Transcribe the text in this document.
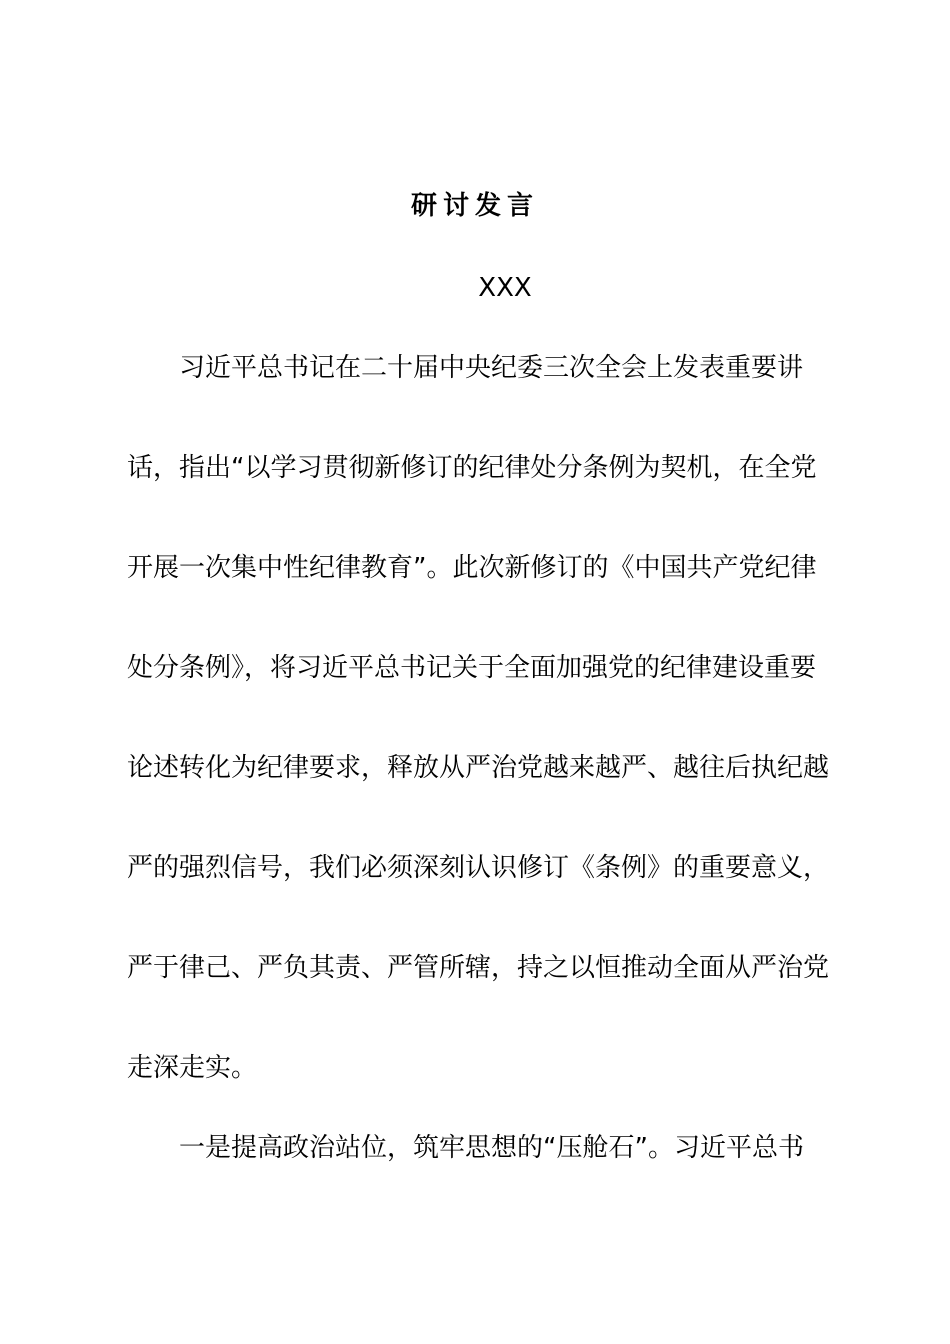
研讨发言
XXX
习近平总书记在二十届中央纪委三次全会上发表重要讲
话，指出“以学习贯彻新修订的纪律处分条例为契机，在全党
开展一次集中性纪律教育”。此次新修订的《中国共产党纪律
处分条例》，将习近平总书记关于全面加强党的纪律建设重要
论述转化为纪律要求，释放从严治党越来越严、越往后执纪越
严的强烈信号，我们必须深刻认识修订《条例》的重要意义，
严于律己、严负其责、严管所辖，持之以恒推动全面从严治党
走深走实。
一是提高政治站位，筑牢思想的“压舱石”。习近平总书
